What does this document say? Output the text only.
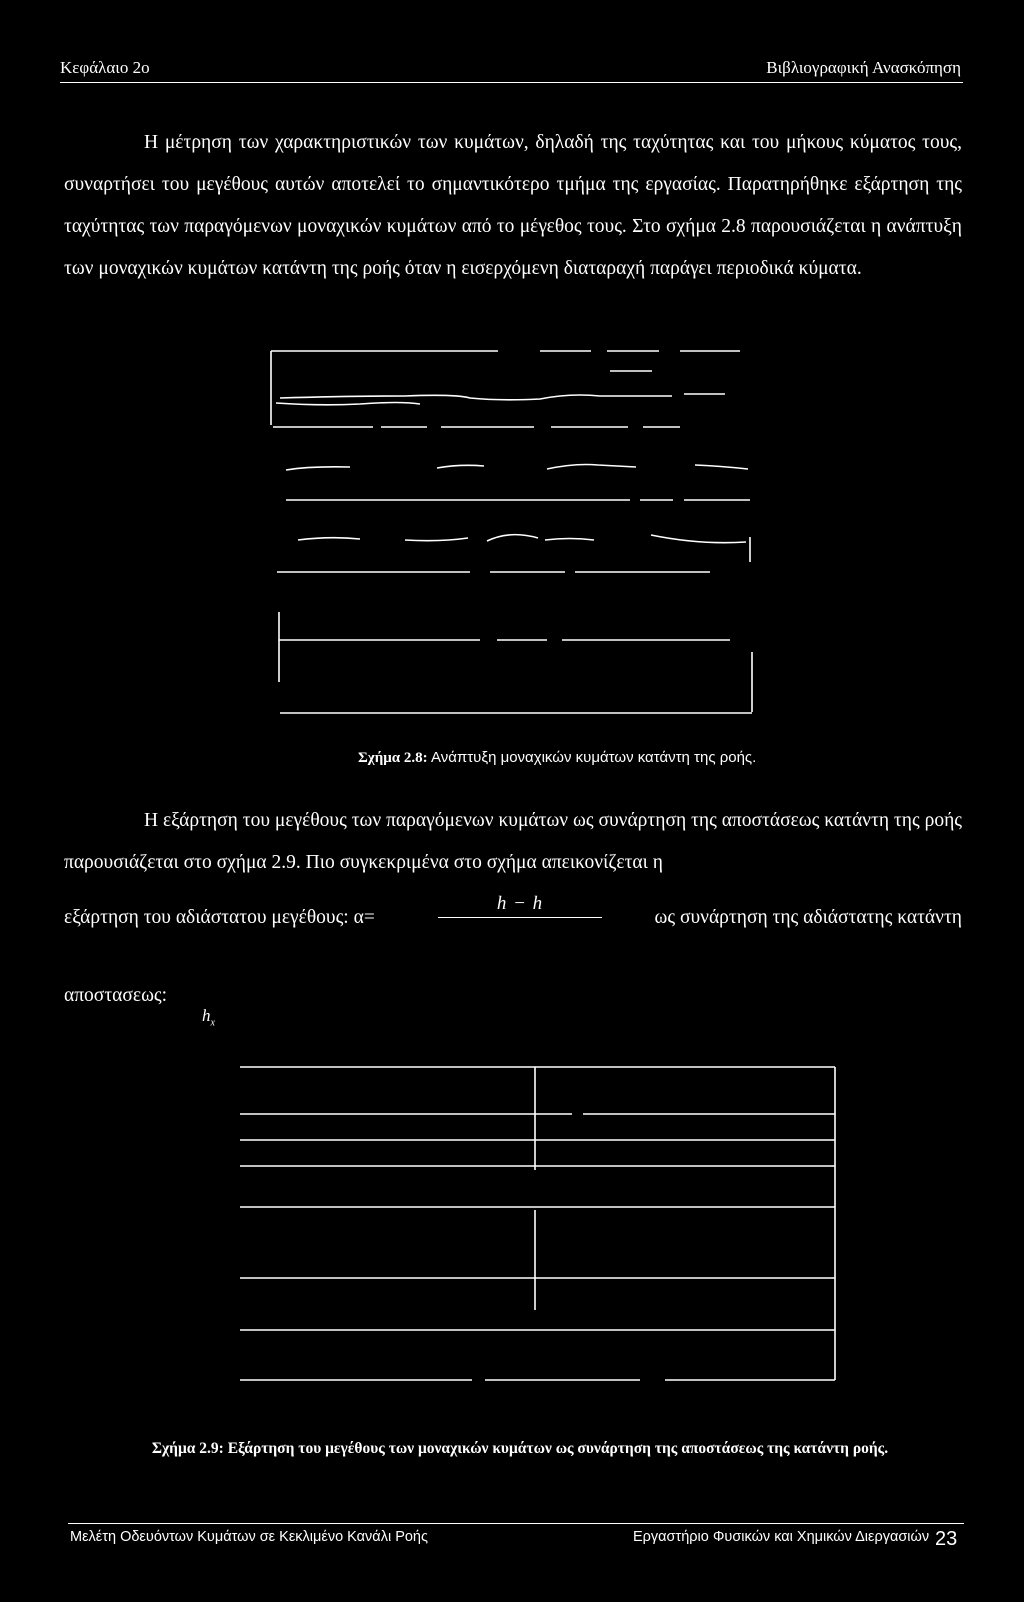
Κεφάλαιο 2ο	Βιβλιογραφική Ανασκόπηση

Η μέτρηση των χαρακτηριστικών των κυμάτων, δηλαδή της ταχύτητας και του μήκους κύματος τους, συναρτήσει του μεγέθους αυτών αποτελεί το σημαντικότερο τμήμα της εργασίας. Παρατηρήθηκε εξάρτηση της ταχύτητας των παραγόμενων μοναχικών κυμάτων από το μέγεθος τους. Στο σχήμα 2.8 παρουσιάζεται η ανάπτυξη των μοναχικών κυμάτων κατάντη της ροής όταν η εισερχόμενη διαταραχή παράγει περιοδικά κύματα.

Σχήμα 2.8: Ανάπτυξη μοναχικών κυμάτων κατάντη της ροής.

Η εξάρτηση του μεγέθους των παραγόμενων κυμάτων ως συνάρτηση της αποστάσεως κατάντη της ροής παρουσιάζεται στο σχήμα 2.9. Πιο συγκεκριμένα στο σχήμα απεικονίζεται η

εξάρτηση του αδιάστατου μεγέθους: α=
h − h
ως συνάρτηση της αδιάστατης κατάντη
αποστασεως:
$h_x$
Σχήμα 2.9: Εξάρτηση του μεγέθους των μοναχικών κυμάτων ως συνάρτηση της αποστάσεως της κατάντη ροής.
Μελέτη Οδευόντων Κυμάτων σε Κεκλιμένο Κανάλι Ροής	Εργαστήριο Φυσικών και Χημικών Διεργασιών 23
